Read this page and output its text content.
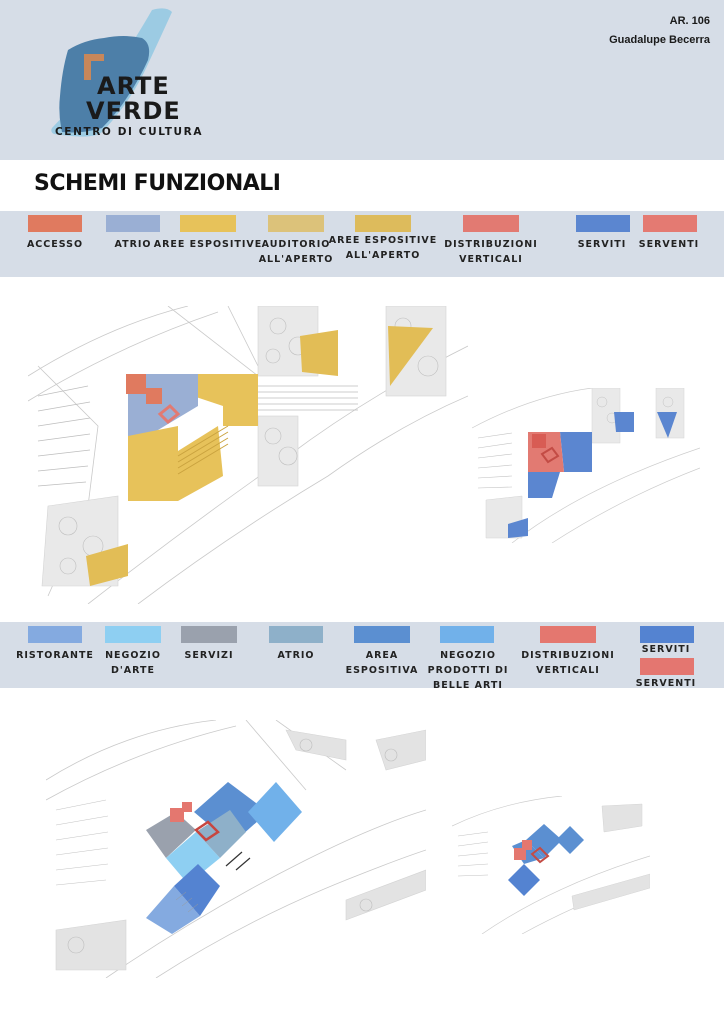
ARTE
VERDE
CENTRO DI CULTURA
AR. 106
Guadalupe Becerra
SCHEMI FUNZIONALI
ACCESSO	ATRIO AREE ESPOSITIVE AUDITORIO ALL'APERTO
AREE ESPOSITIVE ALL'APERTO
DISTRIBUZIONI VERTICALI
SERVITI	SERVENTI
RISTORANTE	NEGOZIO D'ARTE
SERVIZI	ATRIO	AREA ESPOSITIVA
NEGOZIO PRODOTTI DI BELLE ARTI
DISTRIBUZIONI VERTICALI
SERVITI
SERVENTI
